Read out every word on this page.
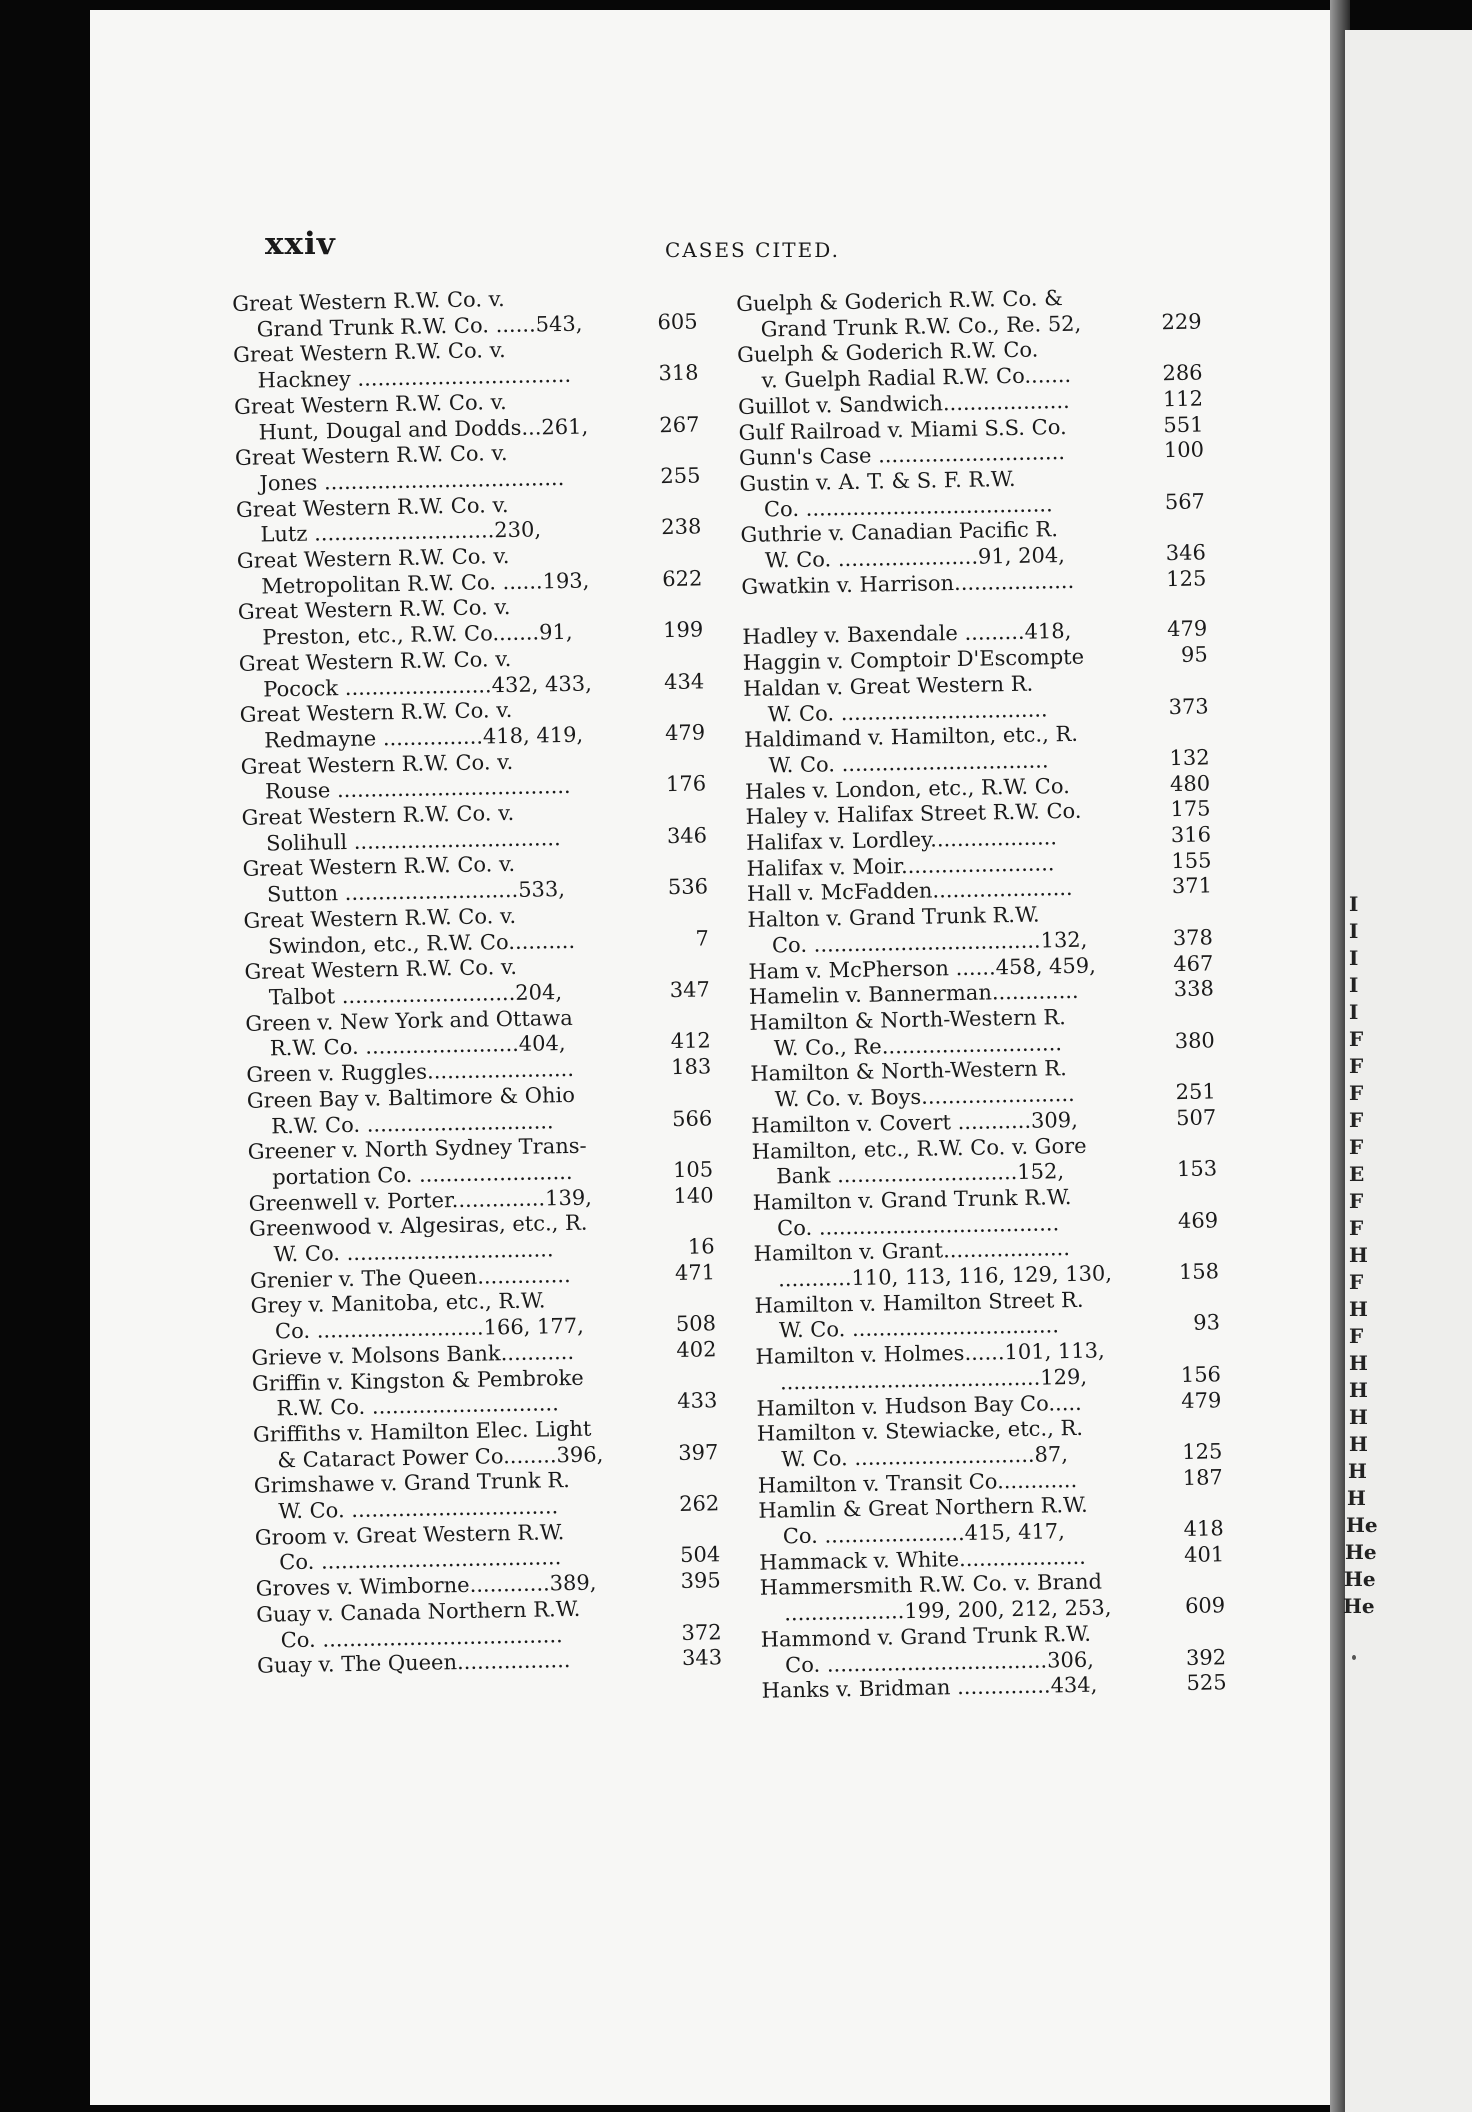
I
I
I
I
I
F
F
F
F
F
E
F
F
H
F
H
F
H
H
H
H
H
H
He
He
He
He
xxiv	CASES CITED.
Great Western R.W. Co. v.
Grand Trunk R.W. Co. ......543,	605
Great Western R.W. Co. v.
Hackney ................................	318
Great Western R.W. Co. v.
Hunt, Dougal and Dodds...261,	267
Great Western R.W. Co. v.
Jones ....................................	255
Great Western R.W. Co. v.
Lutz ...........................230,	238
Great Western R.W. Co. v.
Metropolitan R.W. Co. ......193,	622
Great Western R.W. Co. v.
Preston, etc., R.W. Co.......91,	199
Great Western R.W. Co. v.
Pocock ......................432, 433,	434
Great Western R.W. Co. v.
Redmayne ...............418, 419,	479
Great Western R.W. Co. v.
Rouse ...................................	176
Great Western R.W. Co. v.
Solihull ...............................	346
Great Western R.W. Co. v.
Sutton ..........................533,	536
Great Western R.W. Co. v.
Swindon, etc., R.W. Co..........	7
Great Western R.W. Co. v.
Talbot ..........................204,	347
Green v. New York and Ottawa
R.W. Co. .......................404,	412
Green v. Ruggles......................	183
Green Bay v. Baltimore & Ohio
R.W. Co. ............................	566
Greener v. North Sydney Trans-
portation Co. .......................	105
Greenwell v. Porter..............139,	140
Greenwood v. Algesiras, etc., R.
W. Co. ...............................	16
Grenier v. The Queen..............	471
Grey v. Manitoba, etc., R.W.
Co. .........................166, 177,	508
Grieve v. Molsons Bank...........	402
Griffin v. Kingston & Pembroke
R.W. Co. ............................	433
Griffiths v. Hamilton Elec. Light
& Cataract Power Co........396,	397
Grimshawe v. Grand Trunk R.
W. Co. ...............................	262
Groom v. Great Western R.W.
Co. ....................................	504
Groves v. Wimborne............389,	395
Guay v. Canada Northern R.W.
Co. ....................................	372
Guay v. The Queen.................	343
Guelph & Goderich R.W. Co. &
Grand Trunk R.W. Co., Re. 52,	229
Guelph & Goderich R.W. Co.
v. Guelph Radial R.W. Co.......	286
Guillot v. Sandwich...................	112
Gulf Railroad v. Miami S.S. Co.	551
Gunn's Case ............................	100
Gustin v. A. T. & S. F. R.W.
Co. .....................................	567
Guthrie v. Canadian Pacific R.
W. Co. .....................91, 204,	346
Gwatkin v. Harrison..................	125
Hadley v. Baxendale .........418,	479
Haggin v. Comptoir D'Escompte	95
Haldan v. Great Western R.
W. Co. ...............................	373
Haldimand v. Hamilton, etc., R.
W. Co. ...............................	132
Hales v. London, etc., R.W. Co.	480
Haley v. Halifax Street R.W. Co.	175
Halifax v. Lordley...................	316
Halifax v. Moir.......................	155
Hall v. McFadden.....................	371
Halton v. Grand Trunk R.W.
Co. ..................................132,	378
Ham v. McPherson ......458, 459,	467
Hamelin v. Bannerman.............	338
Hamilton & North-Western R.
W. Co., Re...........................	380
Hamilton & North-Western R.
W. Co. v. Boys.......................	251
Hamilton v. Covert ...........309,	507
Hamilton, etc., R.W. Co. v. Gore
Bank ...........................152,	153
Hamilton v. Grand Trunk R.W.
Co. ....................................	469
Hamilton v. Grant...................
...........110, 113, 116, 129, 130,	158
Hamilton v. Hamilton Street R.
W. Co. ...............................	93
Hamilton v. Holmes......101, 113,
.......................................129,	156
Hamilton v. Hudson Bay Co.....	479
Hamilton v. Stewiacke, etc., R.
W. Co. ...........................87,	125
Hamilton v. Transit Co............	187
Hamlin & Great Northern R.W.
Co. .....................415, 417,	418
Hammack v. White...................	401
Hammersmith R.W. Co. v. Brand
..................199, 200, 212, 253,	609
Hammond v. Grand Trunk R.W.
Co. .................................306,	392
Hanks v. Bridman ..............434,	525
